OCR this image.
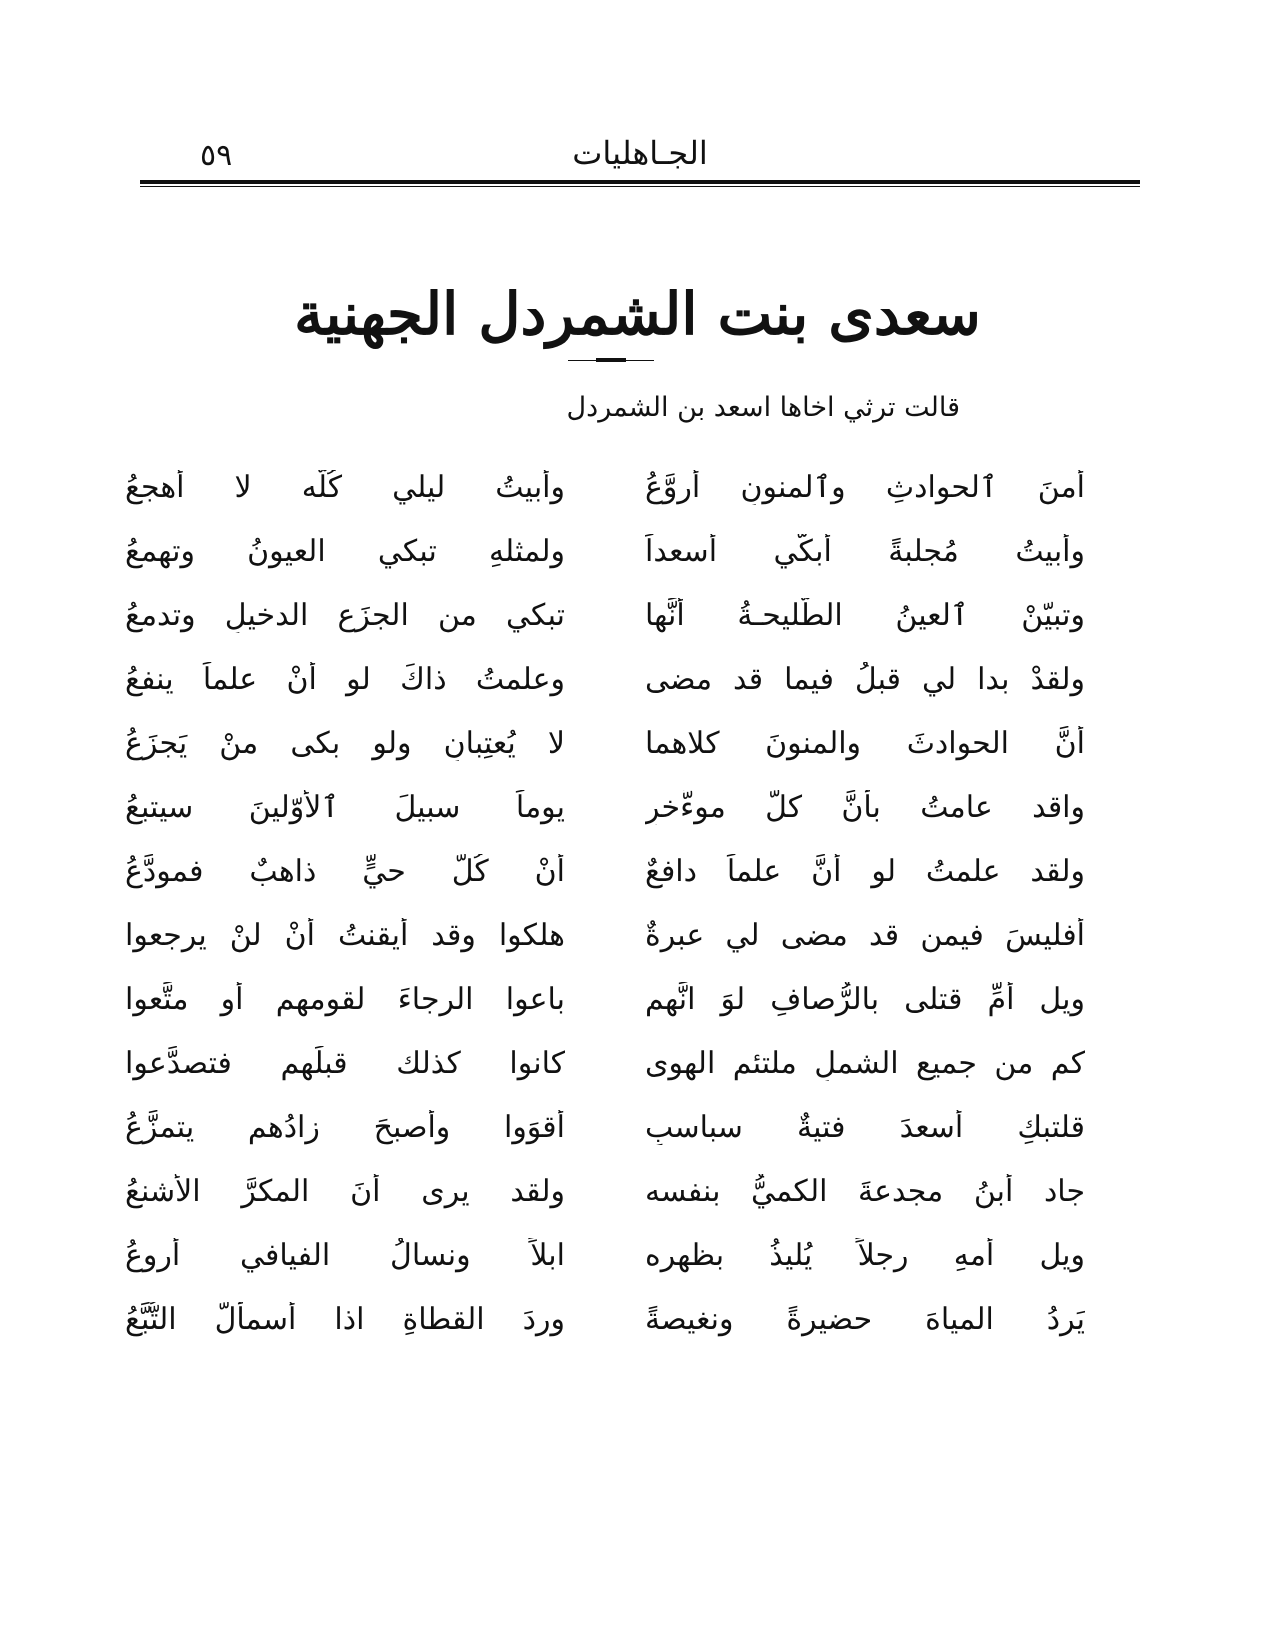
٥٩	الجـاهليات
سعدى بنت الشمردل الجهنية
قالت ترثي اخاها اسعد بن الشمردل
أمنَ ٱلحوادثِ وٱلمنونِ أروَّعُ
وأبيتُ ليلي كُلَّه لا أهجعُ
وأبيتُ مُجلبةً أُبكّي أسعداً
ولمثلهِ تبكي العيونُ وتهمعُ
وتبيّنْ ٱلعينُ الطّليحـةُ أنَّها
تبكي من الجزَعِ الدخيلِ وتدمعُ
ولقدْ بدا لي قبلُ فيما قد مضى
وعلمتُ ذاكَ لو أنْ علماً ينفعُ
أنَّ الحوادثَ والمنونَ كلاهما
لا يُعتِبانِ ولو بكى منْ يَجزَعُ
واقد عامتُ بأنَّ كلَّ موءَّخرٍ
يوماً سبيلَ ٱلأوّلينَ سيتبعُ
ولقد علمتُ لو أنَّ علماً دافعٌ
أنْ كُلُّ حيٍّ ذاهبٌ فمودَّعُ
أفليسَ فيمن قد مضى لي عبرةٌ
هلكوا وقد أيقنتُ أنْ لنْ يرجعوا
ويل أمِّ قتلى بالرُّصافِ لوَ انَّهم
باعوا الرجاءَ لقومهم أو متَّعوا
كم من جميعِ الشملِ ملتئمِ الهوى
كانوا كذلك قبلَهم فتصدَّعوا
قلتبكِ أسعدَ فتيةٌ سباسبِ
أقوَوا وأصبحَ زادُهم يتمزَّعُ
جاد أبنُ مجدعةَ الكميُّ بنفسه
ولقد يرى أنَ المكرَّ الأشنعُ
ويل أُمهِ رجلاً يُليذُ بظهره
ابلاً ونسالُ الفيافي أروعُ
يَردُ المياهَ حضيرةً ونغيصةً
وِردَ القطاةِ اذا أسمألَّ التُّبَّعُ
